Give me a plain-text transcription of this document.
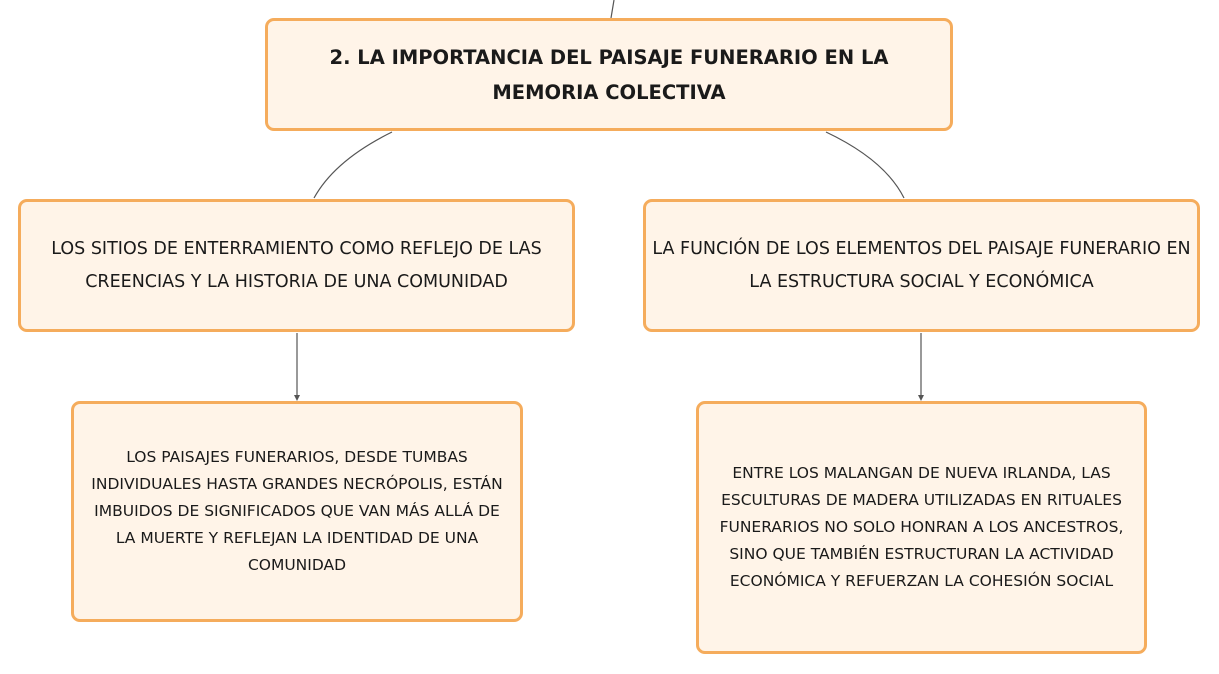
2. LA IMPORTANCIA DEL PAISAJE FUNERARIO EN LA MEMORIA COLECTIVA
LOS SITIOS DE ENTERRAMIENTO COMO REFLEJO DE LAS CREENCIAS Y LA HISTORIA DE UNA COMUNIDAD
LA FUNCIÓN DE LOS ELEMENTOS DEL PAISAJE FUNERARIO EN LA ESTRUCTURA SOCIAL Y ECONÓMICA
LOS PAISAJES FUNERARIOS, DESDE TUMBAS INDIVIDUALES HASTA GRANDES NECRÓPOLIS, ESTÁN IMBUIDOS DE SIGNIFICADOS QUE VAN MÁS ALLÁ DE LA MUERTE Y REFLEJAN LA IDENTIDAD DE UNA COMUNIDAD
ENTRE LOS MALANGAN DE NUEVA IRLANDA, LAS ESCULTURAS DE MADERA UTILIZADAS EN RITUALES FUNERARIOS NO SOLO HONRAN A LOS ANCESTROS, SINO QUE TAMBIÉN ESTRUCTURAN LA ACTIVIDAD ECONÓMICA Y REFUERZAN LA COHESIÓN SOCIAL
